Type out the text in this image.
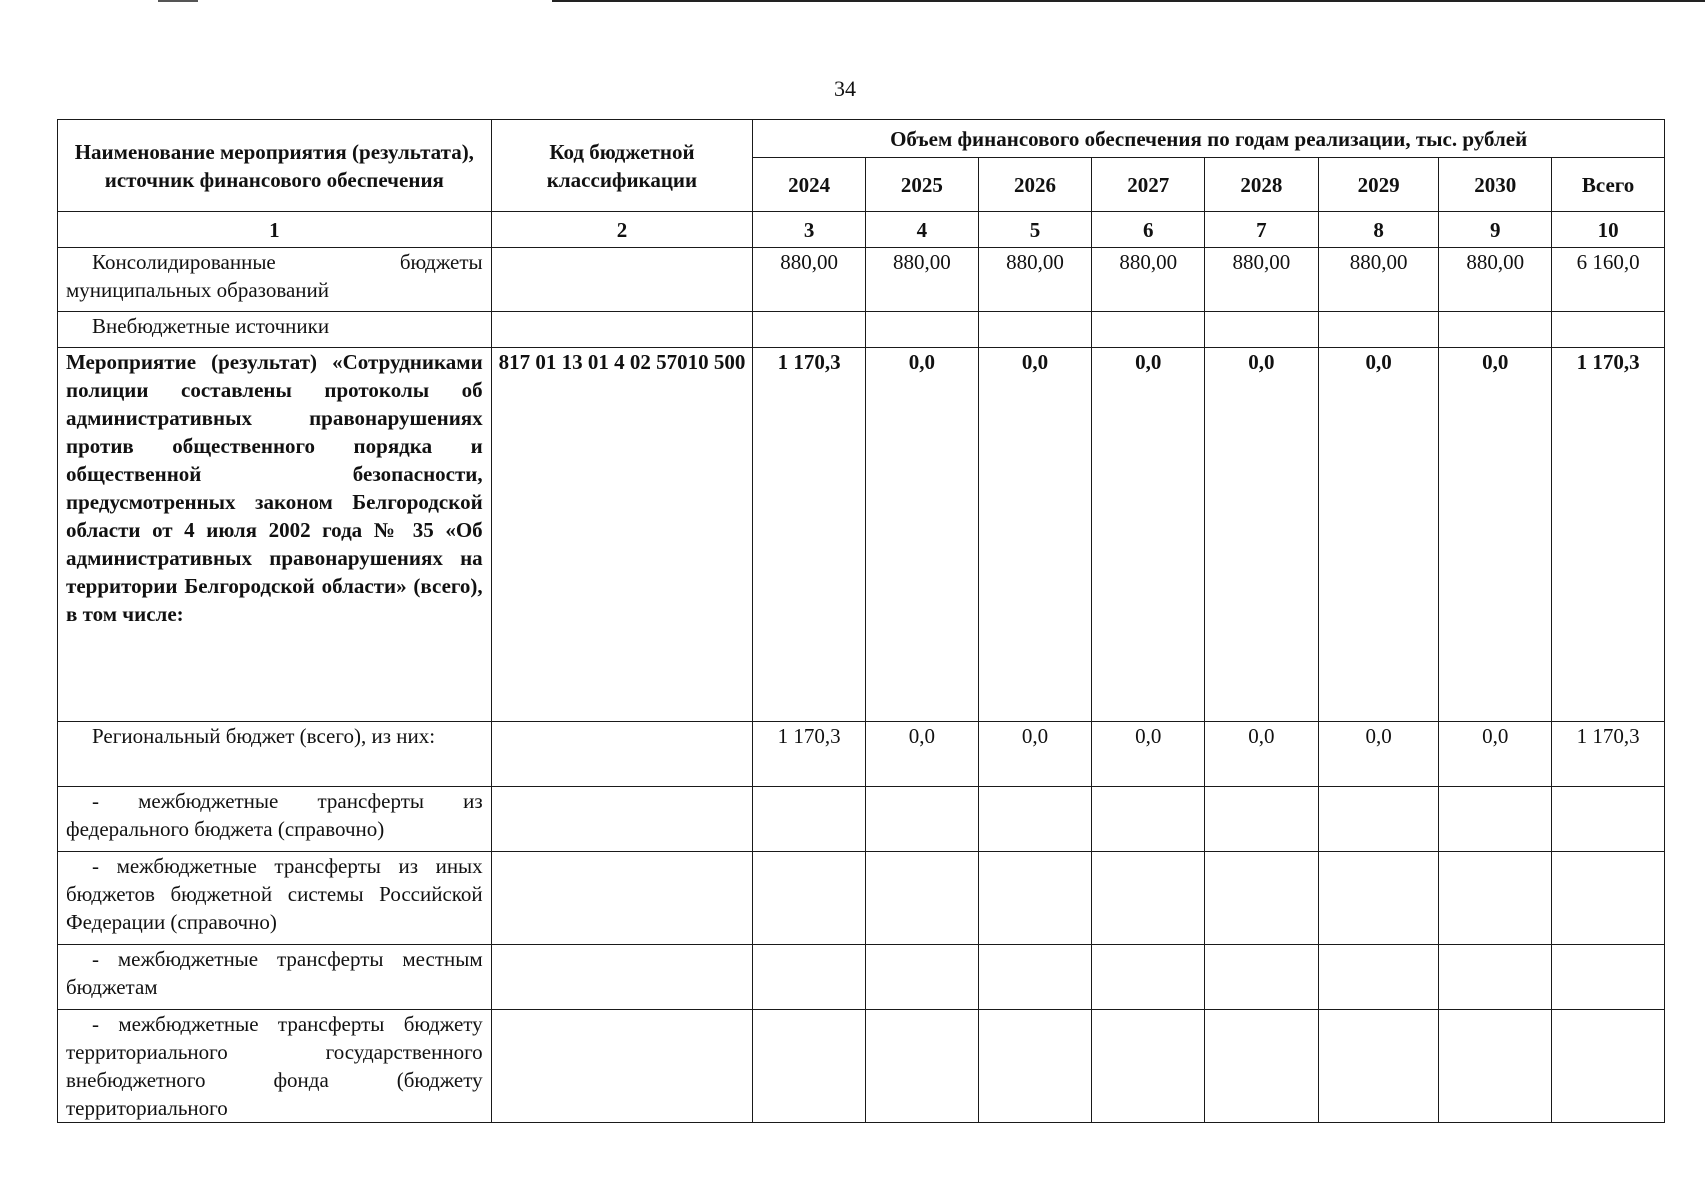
34
Наименование мероприятия (результата), источник финансового обеспечения	Код бюджетной классификации	Объем финансового обеспечения по годам реализации, тыс. рублей							
		2024	2025	2026	2027	2028	2029	2030	Всего
1	2	3	4	5	6	7	8	9	10
Консолидированные бюджеты муниципальных образований		880,00	880,00	880,00	880,00	880,00	880,00	880,00	6 160,0
Внебюджетные источники									
Мероприятие (результат) «Сотрудниками полиции составлены протоколы об административных правонарушениях против общественного порядка и общественной безопасности, предусмотренных законом Белгородской области от 4 июля 2002 года № 35 «Об административных правонарушениях на территории Белгородской области» (всего), в том числе:	817 01 13 01 4 02 57010 500	1 170,3	0,0	0,0	0,0	0,0	0,0	0,0	1 170,3
Региональный бюджет (всего), из них:		1 170,3	0,0	0,0	0,0	0,0	0,0	0,0	1 170,3
- межбюджетные трансферты из федерального бюджета (справочно)									
- межбюджетные трансферты из иных бюджетов бюджетной системы Российской Федерации (справочно)									
- межбюджетные трансферты местным бюджетам									
- межбюджетные трансферты бюджету территориального государственного внебюджетного фонда (бюджету территориального									
